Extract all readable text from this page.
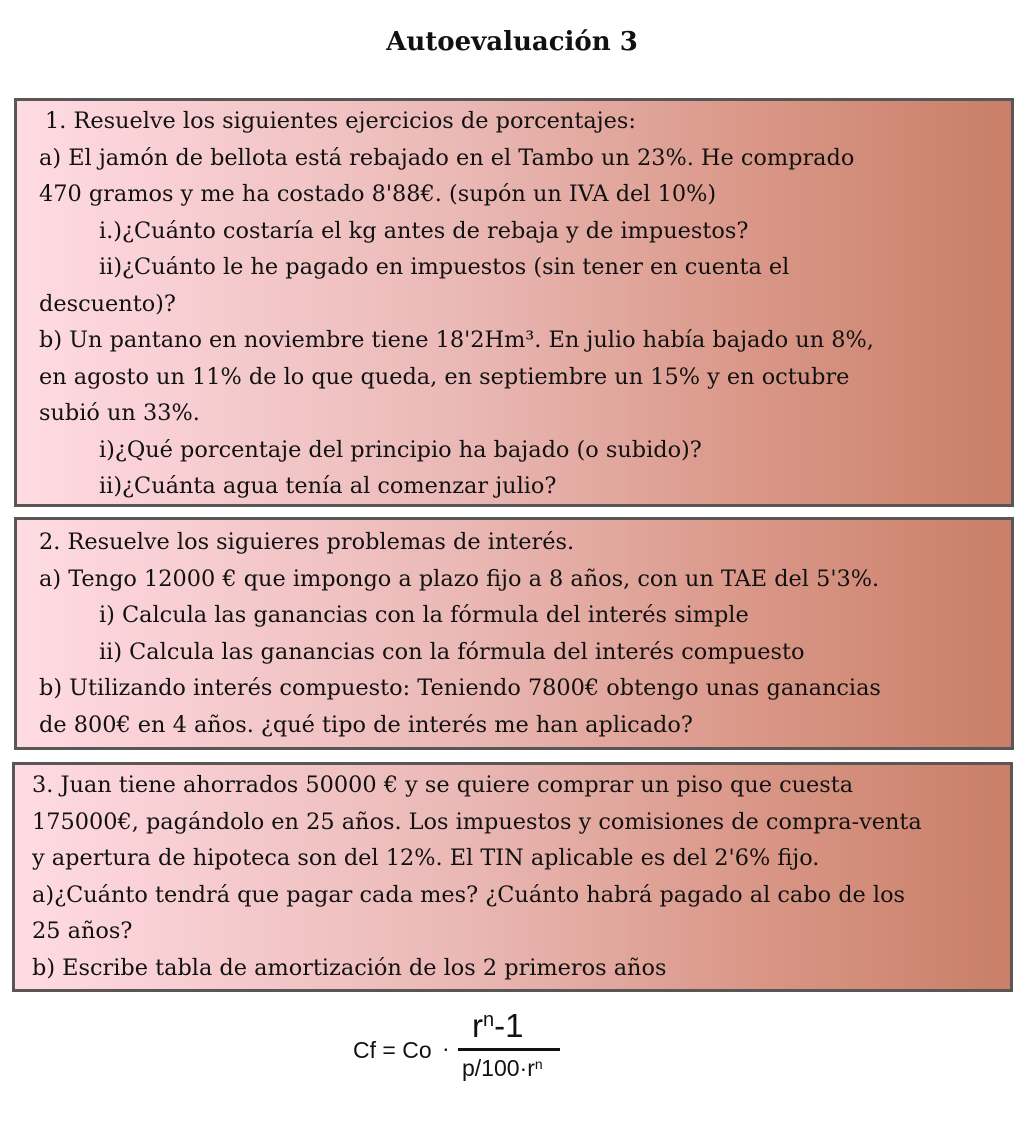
Autoevaluación 3
1. Resuelve los siguientes ejercicios de porcentajes:
a) El jamón de bellota está rebajado en el Tambo un 23%. He comprado
470 gramos y me ha costado 8'88€. (supón un IVA del 10%)
i.)¿Cuánto costaría el kg antes de rebaja y de impuestos?
ii)¿Cuánto le he pagado en impuestos (sin tener en cuenta el
descuento)?
b) Un pantano en noviembre tiene 18'2Hm³. En julio había bajado un 8%,
en agosto un 11% de lo que queda, en septiembre un 15% y en octubre
subió un 33%.
i)¿Qué porcentaje del principio ha bajado (o subido)?
ii)¿Cuánta agua tenía al comenzar julio?
2. Resuelve los siguieres problemas de interés.
a) Tengo 12000 € que impongo a plazo fijo a 8 años, con un TAE del 5'3%.
i) Calcula las ganancias con la fórmula del interés simple
ii) Calcula las ganancias con la fórmula del interés compuesto
b) Utilizando interés compuesto: Teniendo 7800€ obtengo unas ganancias
de 800€ en 4 años. ¿qué tipo de interés me han aplicado?
3. Juan tiene ahorrados 50000 € y se quiere comprar un piso que cuesta
175000€, pagándolo en 25 años. Los impuestos y comisiones de compra-venta
y apertura de hipoteca son del 12%. El TIN aplicable es del 2'6% fijo.
a)¿Cuánto tendrá que pagar cada mes? ¿Cuánto habrá pagado al cabo de los
25 años?
b) Escribe tabla de amortización de los 2 primeros años
Cf = Co ·
$r^n-1$
$p/100\cdot r^n$
